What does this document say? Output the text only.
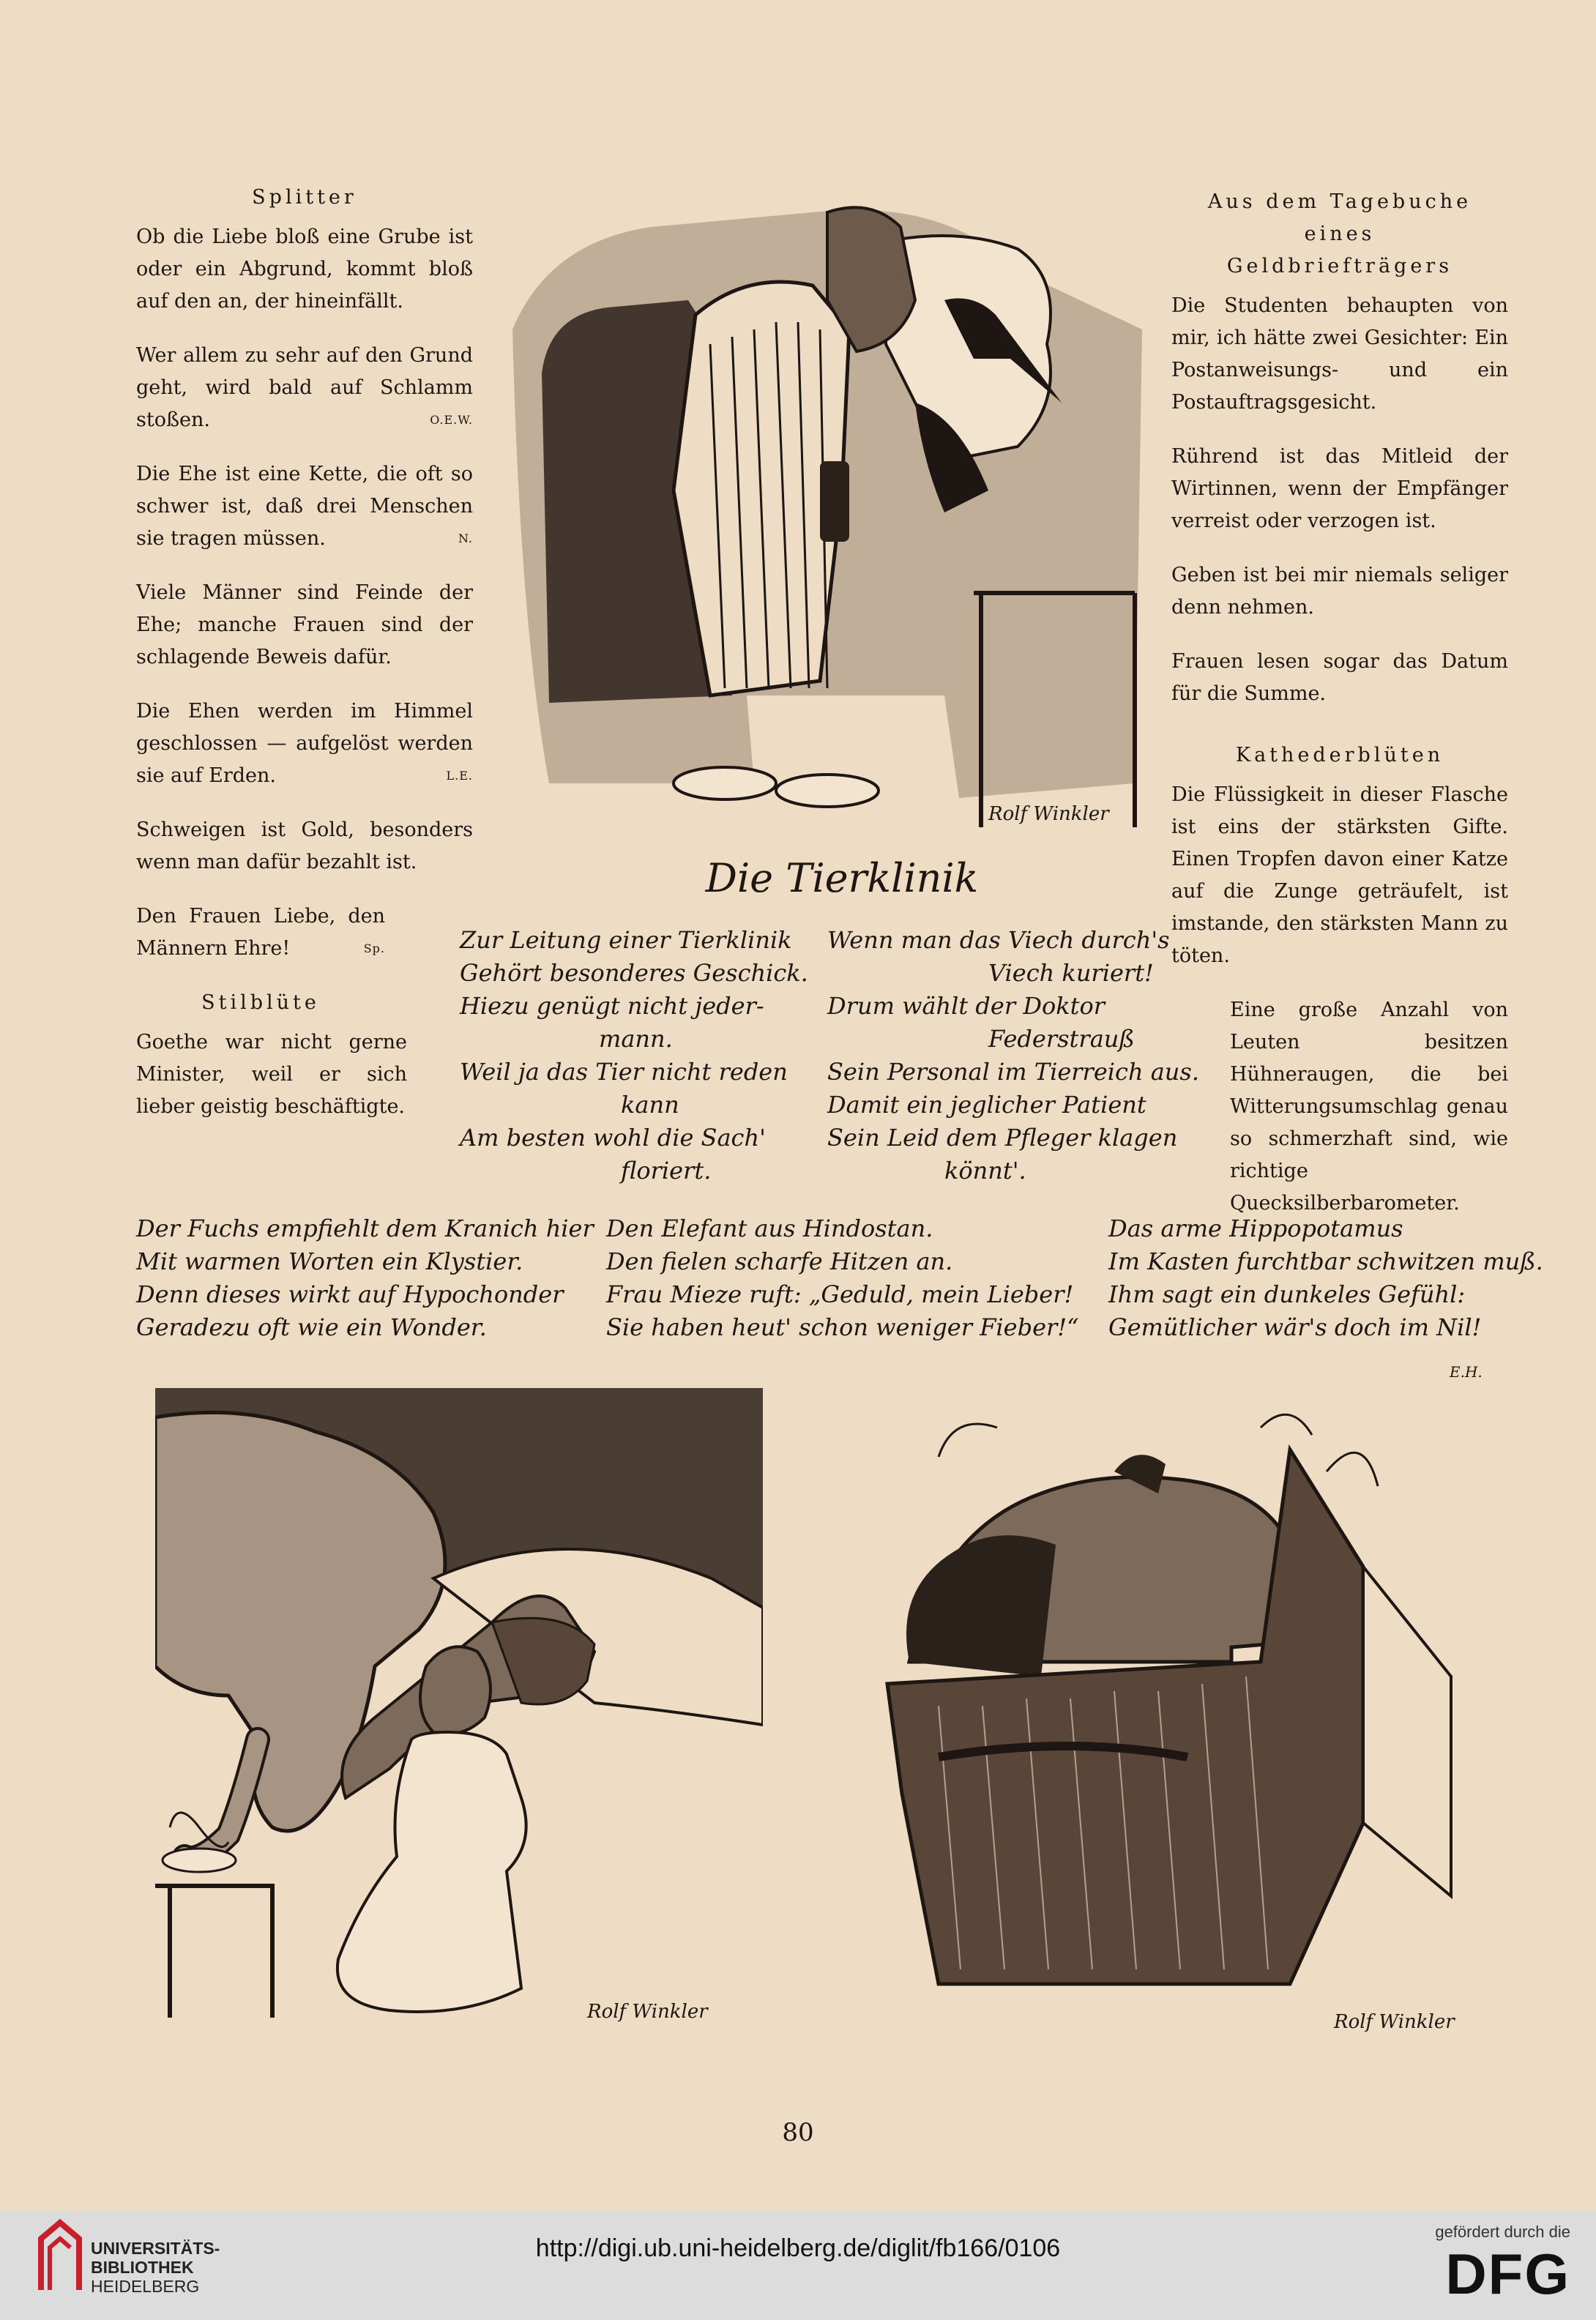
Splitter

Ob die Liebe bloß eine Grube ist oder ein Abgrund, kommt bloß auf den an, der hineinfällt.

Wer allem zu sehr auf den Grund geht, wird bald auf Schlamm stoßen.	O.E.W.

Die Ehe ist eine Kette, die oft so schwer ist, daß drei Menschen sie tragen müssen.	N.

Viele Männer sind Feinde der Ehe; manche Frauen sind der schlagende Beweis dafür.

Die Ehen werden im Himmel geschlossen — aufgelöst werden sie auf Erden.	L.E.

Schweigen ist Gold, besonders wenn man dafür bezahlt ist.

Den Frauen Liebe, den Männern Ehre!	Sp.

Stilblüte

Goethe war nicht gerne Minister, weil er sich lieber geistig beschäftigte.

Rolf Winkler
Aus dem Tagebuche eines
Geldbriefträgers

Die Studenten behaupten von mir, ich hätte zwei Gesichter: Ein Postanweisungs- und ein Postauftragsgesicht.

Rührend ist das Mitleid der Wirtinnen, wenn der Empfänger verreist oder verzogen ist.

Geben ist bei mir niemals seliger denn nehmen.

Frauen lesen sogar das Datum für die Summe.

Kathederblüten

Die Flüssigkeit in dieser Flasche ist eins der stärksten Gifte. Einen Tropfen davon einer Katze auf die Zunge geträufelt, ist imstande, den stärksten Mann zu töten.

Eine große Anzahl von Leuten besitzen Hühneraugen, die bei Witterungsumschlag genau so schmerzhaft sind, wie richtige Quecksilberbarometer.

Die Tierklinik
Zur Leitung einer Tierklinik
Gehört besonderes Geschick.
Hiezu genügt nicht jeder-
mann.
Weil ja das Tier nicht reden
kann
Am besten wohl die Sach'
floriert.
Wenn man das Viech durch's
Viech kuriert!
Drum wählt der Doktor
Federstrauß
Sein Personal im Tierreich aus.
Damit ein jeglicher Patient
Sein Leid dem Pfleger klagen
könnt'.
Der Fuchs empfiehlt dem Kranich hier
Mit warmen Worten ein Klystier.
Denn dieses wirkt auf Hypochonder
Geradezu oft wie ein Wonder.
Den Elefant aus Hindostan.
Den fielen scharfe Hitzen an.
Frau Mieze ruft: „Geduld, mein Lieber!
Sie haben heut' schon weniger Fieber!“
Das arme Hippopotamus
Im Kasten furchtbar schwitzen muß.
Ihm sagt ein dunkeles Gefühl:
Gemütlicher wär's doch im Nil!
E.H.
Rolf Winkler	Rolf Winkler
80
UNIVERSITÄTS-
BIBLIOTHEK
HEIDELBERG
http://digi.ub.uni-heidelberg.de/diglit/fb166/0106
gefördert durch die
DFG
